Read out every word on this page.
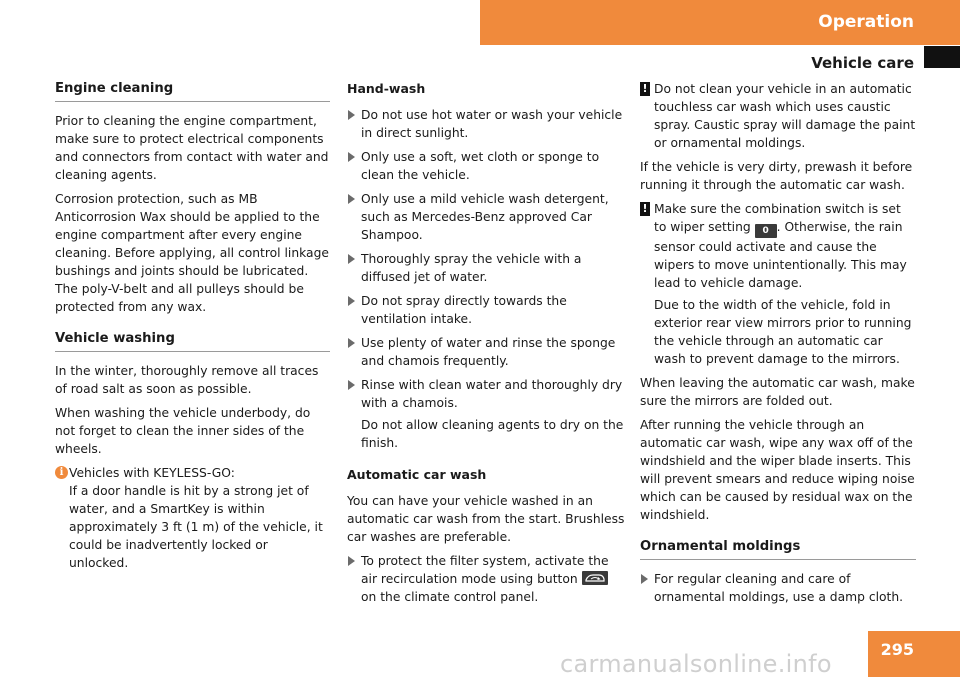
Operation
Vehicle care
Engine cleaning

Prior to cleaning the engine compartment, make sure to protect electrical components and connectors from contact with water and cleaning agents.

Corrosion protection, such as MB Anticorrosion Wax should be applied to the engine compartment after every engine cleaning. Before applying, all control linkage bushings and joints should be lubricated. The poly-V-belt and all pulleys should be protected from any wax.

Vehicle washing

In the winter, thoroughly remove all traces of road salt as soon as possible.

When washing the vehicle underbody, do not forget to clean the inner sides of the wheels.

i Vehicles with KEYLESS-GO:
If a door handle is hit by a strong jet of water, and a SmartKey is within approximately 3 ft (1 m) of the vehicle, it could be inadvertently locked or unlocked.
Hand-wash
Do not use hot water or wash your vehicle in direct sunlight.
Only use a soft, wet cloth or sponge to clean the vehicle.
Only use a mild vehicle wash detergent, such as Mercedes-Benz approved Car Shampoo.
Thoroughly spray the vehicle with a diffused jet of water.
Do not spray directly towards the ventilation intake.
Use plenty of water and rinse the sponge and chamois frequently.
Rinse with clean water and thoroughly dry with a chamois.
Do not allow cleaning agents to dry on the finish.
Automatic car wash

You can have your vehicle washed in an automatic car wash from the start. Brushless car washes are preferable.

To protect the filter system, activate the air recirculation mode using button
on the climate control panel.
! Do not clean your vehicle in an automatic touchless car wash which uses caustic spray. Caustic spray will damage the paint or ornamental moldings.

If the vehicle is very dirty, prewash it before running it through the automatic car wash.

! Make sure the combination switch is set to wiper setting 0 . Otherwise, the rain sensor could activate and cause the wipers to move unintentionally. This may lead to vehicle damage.
Due to the width of the vehicle, fold in exterior rear view mirrors prior to running the vehicle through an automatic car wash to prevent damage to the mirrors.

When leaving the automatic car wash, make sure the mirrors are folded out.

After running the vehicle through an automatic car wash, wipe any wax off of the windshield and the wiper blade inserts. This will prevent smears and reduce wiping noise which can be caused by residual wax on the windshield.

Ornamental moldings
For regular cleaning and care of ornamental moldings, use a damp cloth.
295
carmanualsonline.info
